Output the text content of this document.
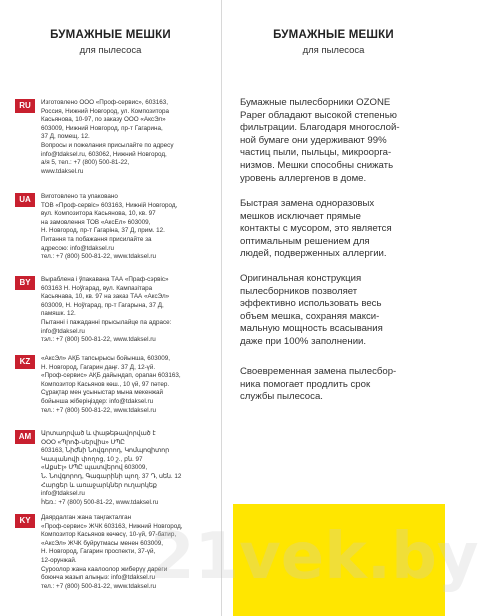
БУМАЖНЫЕ МЕШКИ
для пылесоса
RU	Изготовлено ООО «Проф-сервис», 603163,
Россия, Нижний Новгород, ул. Композитора
Касьянова, 10-97, по заказу ООО «АксЭл»
603009, Нижний Новгород, пр-т Гагарина,
37 Д, помещ. 12.
Вопросы и пожелания присылайте по адресу
info@tdaksel.ru, 603062, Нижний Новгород,
а/я 5, тел.: +7 (800) 500-81-22,
www.tdaksel.ru
UA	Виготовлено та упаковано
ТОВ «Проф-сервіс» 603163, Нижній Новгород,
вул. Композитора Касьянова, 10, кв. 97
на замовлення ТОВ «АксЕл» 603009,
Н. Новгород, пр-т Гагаріна, 37 Д, прим. 12.
Питання та побажання присилайте за
адресою: info@tdaksel.ru
тел.: +7 (800) 500-81-22, www.tdaksel.ru
BY	Выраблена і ўпакавана ТАА «Праф-сэрвіс»
603163 Н. Ноўгарад, вул. Кампазітара
Касьянава, 10, кв. 97 на заказ ТАА «АксЭл»
603009, Н. Ноўгарад, пр-т Гагарына, 37 Д,
памяшк. 12.
Пытанні і пажаданні прысылайце па адрасе:
info@tdaksel.ru
тэл.: +7 (800) 500-81-22, www.tdaksel.ru
KZ	«АксЭл» АҚБ тапсырысы бойынша, 603009,
Н. Новгород, Гагарин даңғ. 37 Д, 12-үй.
«Проф-сервис» АҚБ дайындап, орапан 603163,
Композитор Касьянов көш., 10 үй, 97 пәтер.
Сұрақтар мен ұсыныстар мына мекенжай
бойынша жіберіңіздер: info@tdaksel.ru
тел.: +7 (800) 500-81-22, www.tdaksel.ru
AM	Արտադրված և փաթեթավորված է
ՕՕՕ «Պրոֆ-սերվիս» ՍՊԸ
603163, Նիժնի Նովգորոդ, Կոմպոզիտոր
Կասյանովի փողոց, 10 շ., բն. 97
«ԱքսԷլ» ՍՊԸ պատվերով 603009,
Ն. Նովգորոդ, Գագարինի պող. 37 Դ, սեն. 12
Հարցեր և առաջարկներ ուղարկեք
info@tdaksel.ru
հեռ.: +7 (800) 500-81-22, www.tdaksel.ru
KY	Даярдалган жана таңгакталган
«Проф-сервис» ЖЧК 603163, Нижний Новгород,
Композитор Касьянов көчөсү, 10-үй, 97-батир,
«АксЭл» ЖЧК буйрутмасы менен 603009,
Н. Новгород, Гагарин проспекти, 37-үй,
12-орунжай.
Суроолор жана каалоолор жиберүү дареги
боюнча жазып алыңыз: info@tdaksel.ru
тел.: +7 (800) 500-81-22, www.tdaksel.ru
БУМАЖНЫЕ МЕШКИ
для пылесоса
Бумажные пылесборники OZONE
Paper обладают высокой степенью
фильтрации. Благодаря многослой-
ной бумаге они удерживают 99%
частиц пыли, пыльцы, микроорга-
низмов. Мешки способны снижать
уровень аллергенов в доме.
Быстрая замена одноразовых
мешков исключает прямые
контакты с мусором, это является
оптимальным решением для
людей, подверженных аллергии.
Оригинальная конструкция
пылесборников позволяет
эффективно использовать весь
объем мешка, сохраняя макси-
мальную мощность всасывания
даже при 100% заполнении.
Своевременная замена пылесбор-
ника помогает продлить срок
службы пылесоса.
21vek.by
